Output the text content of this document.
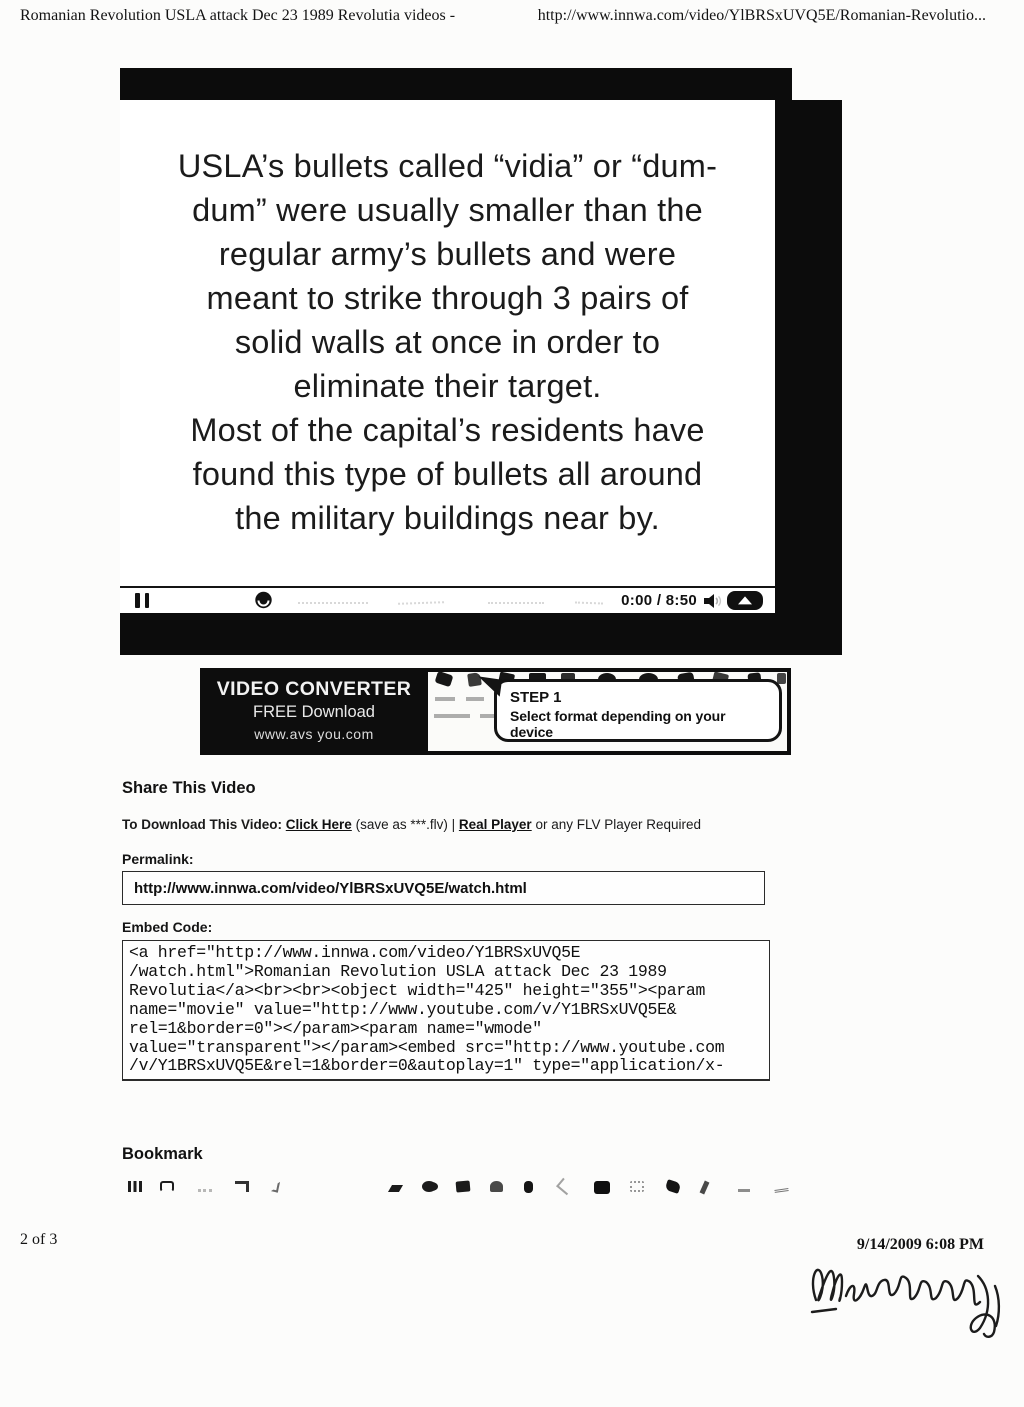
Romanian Revolution USLA attack Dec 23 1989 Revolutia videos -	http://www.innwa.com/video/YlBRSxUVQ5E/Romanian-Revolutio...
USLA’s bullets called “vidia” or “dum-
dum” were usually smaller than the
regular army’s bullets and were
meant to strike through 3 pairs of
solid walls at once in order to
eliminate their target.
Most of the capital’s residents have
found this type of bullets all around
the military buildings near by.
0:00 / 8:50
VIDEO CONVERTER
FREE Download
www.avs you.com
STEP 1
Select format depending on your device
Share This Video
To Download This Video: Click Here (save as ***.flv) | Real Player or any FLV Player Required
Permalink:
http://www.innwa.com/video/YlBRSxUVQ5E/watch.html
Embed Code:
<a href="http://www.innwa.com/video/Y1BRSxUVQ5E /watch.html">Romanian Revolution USLA attack Dec 23 1989 Revolutia</a><br><br><object width="425" height="355"><param name="movie" value="http://www.youtube.com/v/Y1BRSxUVQ5E& rel=1&border=0"></param><param name="wmode" value="transparent"></param><embed src="http://www.youtube.com /v/Y1BRSxUVQ5E&rel=1&border=0&autoplay=1" type="application/x-
Bookmark
2 of 3	9/14/2009 6:08 PM
